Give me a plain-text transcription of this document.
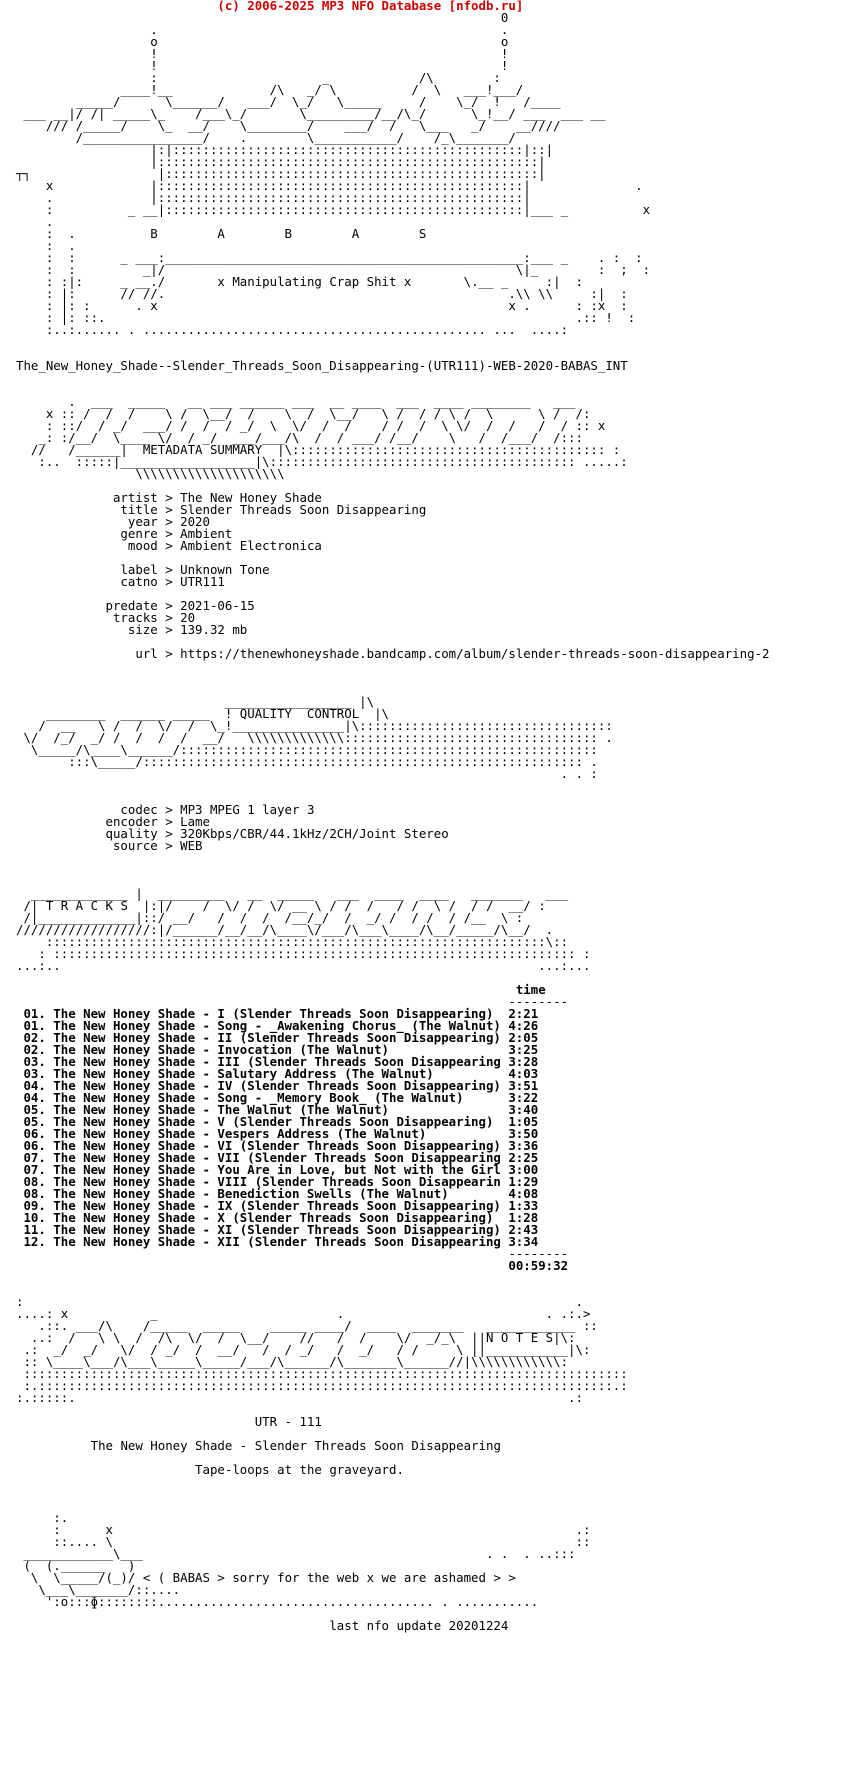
(c) 2006-2025 MP3 NFO Database [nfodb.ru]
0
.                                              .
o                                              o
!                                              !
!                                              !
:                      _            /\        :
____!__             /\   _/ \          /  \   ___!___/
_____/      \______/   ___/  \_/   \_____     /    \_/  !   /____
___ __|/ /| _____\_    /___\_/       \_________/__/\_/      \_!__/ ___  ___ __
/// /_____/    \_  __/    \________/    ___/  /   \___   _/    __////
/________________/    .        \___________/    /_\_______/
|:|:::::::::::::::::::::::::::::::::::::::::::::::|::|
|:::::::::::::::::::::::::::::::::::::::::::::::::::|
┬┐                 |::::::::::::::::::::::::::::::::::::::::::::::::::|
x             |:::::::::::::::::::::::::::::::::::::::::::::::::|              .
.             |:::::::::::::::::::::::::::::::::::::::::::::::::|
:          _ __|::::::::::::::::::::::::::::::::::::::::::::::::|___ _          x
.
:  .	B        A        B        A        S
:  .
:  :      _ ___:________________________________________________:___ _    . :  :
:  :         _|/                                               \|_        :  ;  :
: :|:     _ __./	x Manipulating Crap Shit x	\.__ _     :|  :
: |:      // //.                                              .\\ \\     :|  :
: |: :      . x                                               x .      : :x  :
: |: ::.                                                               .:: !  :
:..:...... . .............................................. ...  ....:

The_New_Honey_Shade--Slender_Threads_Soon_Disappearing-(UTR111)-WEB-2020-BABAS_INT

.  ___  _____   __ ___ ______ ___  __ ____  ___  ____ ________   ___
x :: /  /  /    \ /  \__/  /    \  /  \__/   \ /  / / \ /  \      \ /  /:
: ::/  / _/  ___/ /  /  / _/  \  \/  /  /    / /  /  \ \/  /  /   /  / :: x
_: :/__/  \____ \/  / _/  ___/___/\  /  / ___/ /__/    \   /  /___/  /:::
//   /______|  METADATA SUMMARY  |\:::::::::::::::::::::::::::::::::::::::::: :
:..  :::::|__________________|\::::::::::::::::::::::::::::::::::::::::: .....:
\\\\\\\\\\\\\\\\\\\\

artist > The New Honey Shade
title > Slender Threads Soon Disappearing
year > 2020
genre > Ambient
mood > Ambient Electronica

label > Unknown Tone
catno > UTR111

predate > 2021-06-15
tracks > 20
size > 139.32 mb

url > https://thenewhoneyshade.bandcamp.com/album/slender-threads-soon-disappearing-2

_________________ |\
________  ______ _____  ! QUALITY  CONTROL  |\
/  __   \ /  /  \/  /  \_!_______________|\::::::::::::::::::::::::::::::::::
\/  /_/  _/ /  /  /  /  __/   \\\\\\\\\\\\\:::::::::::::::::::::::::::::::::: .
\_____/\____\______/::::::::::::::::::::::::::::::::::::::::::::::::::::::::
:::\_____/::::::::::::::::::::::::::::::::::::::::::::::::::::::::::: .
. . :

codec > MP3 MPEG 1 layer 3
encoder > Lame
quality > 320Kbps/CBR/44.1kHz/2CH/Joint Stereo
source > WEB

_____________ |  _________   __  _____   ___  ____  ____   _______   ___
/| T R A C K S  |:|/    /  \/ /  \/ __ \ / /  /   / /  \ /  / /  __/ :
/|_____________|::/ __/   /  /  /  /__/_/  /  _/ /  / /  / /__  \ :
//////////////////:|/______/__/__/\____\/___/\___\____/\__/_____/\__/  .
:::::::::::::::::::::::::::::::::::::::::::::::::::::::::::::::::::\::
: :::::::::::::::::::::::::::::::::::::::::::::::::::::::::::::::::::::: :
...:..                                                                ...:...

time
--------
01. The New Honey Shade - I (Slender Threads Soon Disappearing)  2:21
01. The New Honey Shade - Song - _Awakening Chorus_ (The Walnut) 4:26
02. The New Honey Shade - II (Slender Threads Soon Disappearing) 2:05
02. The New Honey Shade - Invocation (The Walnut)                3:25
03. The New Honey Shade - III (Slender Threads Soon Disappearing 3:28
03. The New Honey Shade - Salutary Address (The Walnut)          4:03
04. The New Honey Shade - IV (Slender Threads Soon Disappearing) 3:51
04. The New Honey Shade - Song - _Memory Book_ (The Walnut)      3:22
05. The New Honey Shade - The Walnut (The Walnut)                3:40
05. The New Honey Shade - V (Slender Threads Soon Disappearing)  1:05
06. The New Honey Shade - Vespers Address (The Walnut)           3:50
06. The New Honey Shade - VI (Slender Threads Soon Disappearing) 3:36
07. The New Honey Shade - VII (Slender Threads Soon Disappearing 2:25
07. The New Honey Shade - You Are in Love, but Not with the Girl 3:00
08. The New Honey Shade - VIII (Slender Threads Soon Disappearin 1:29
08. The New Honey Shade - Benediction Swells (The Walnut)        4:08
09. The New Honey Shade - IX (Slender Threads Soon Disappearing) 1:33
10. The New Honey Shade - X (Slender Threads Soon Disappearing)  1:28
11. The New Honey Shade - XI (Slender Threads Soon Disappearing) 2:43
12. The New Honey Shade - XII (Slender Threads Soon Disappearing 3:34
--------
00:59:32

:                                                                          .
....: x           _                        .                           . .:.>
.::. ___/\    /_____  _____    _____ ____/  ____  _______   ____________ ::
..:  /   \ \  /  /\  \/  /  \__/    //   /  /    \/  _/_\  ||N O T E S|\:
.:  _/  _/   \/  / _/  /  __/   /  / _/   /  _/   / /     \ ||___________|\:
:: \____\___/\___\_____\_____/___/\______/\_______\______//|\\\\\\\\\\\\:
:::::::::::::::::::::::::::::::::::::::::::::::::::::::::::::::::::::::::::::::::
:.:::::::::::::::::::::::::::::::::::::::::::::::::::::::::::::::::::::::::::::.:
:.:::::.                                                                  .:

UTR - 111

The New Honey Shade - Slender Threads Soon Disappearing

Tape-loops at the graveyard.

:.
:      x                                                              .:
::.... \                                                              ::
____________\___                                              . .  . ..:::
(  (.______   )
\  \_____/(_)/ < ( BABAS > sorry for the web x we are ashamed > >
\___\_______/::....
':o:::ɸ::::::::..................................... . ...........

last nfo update 20201224
